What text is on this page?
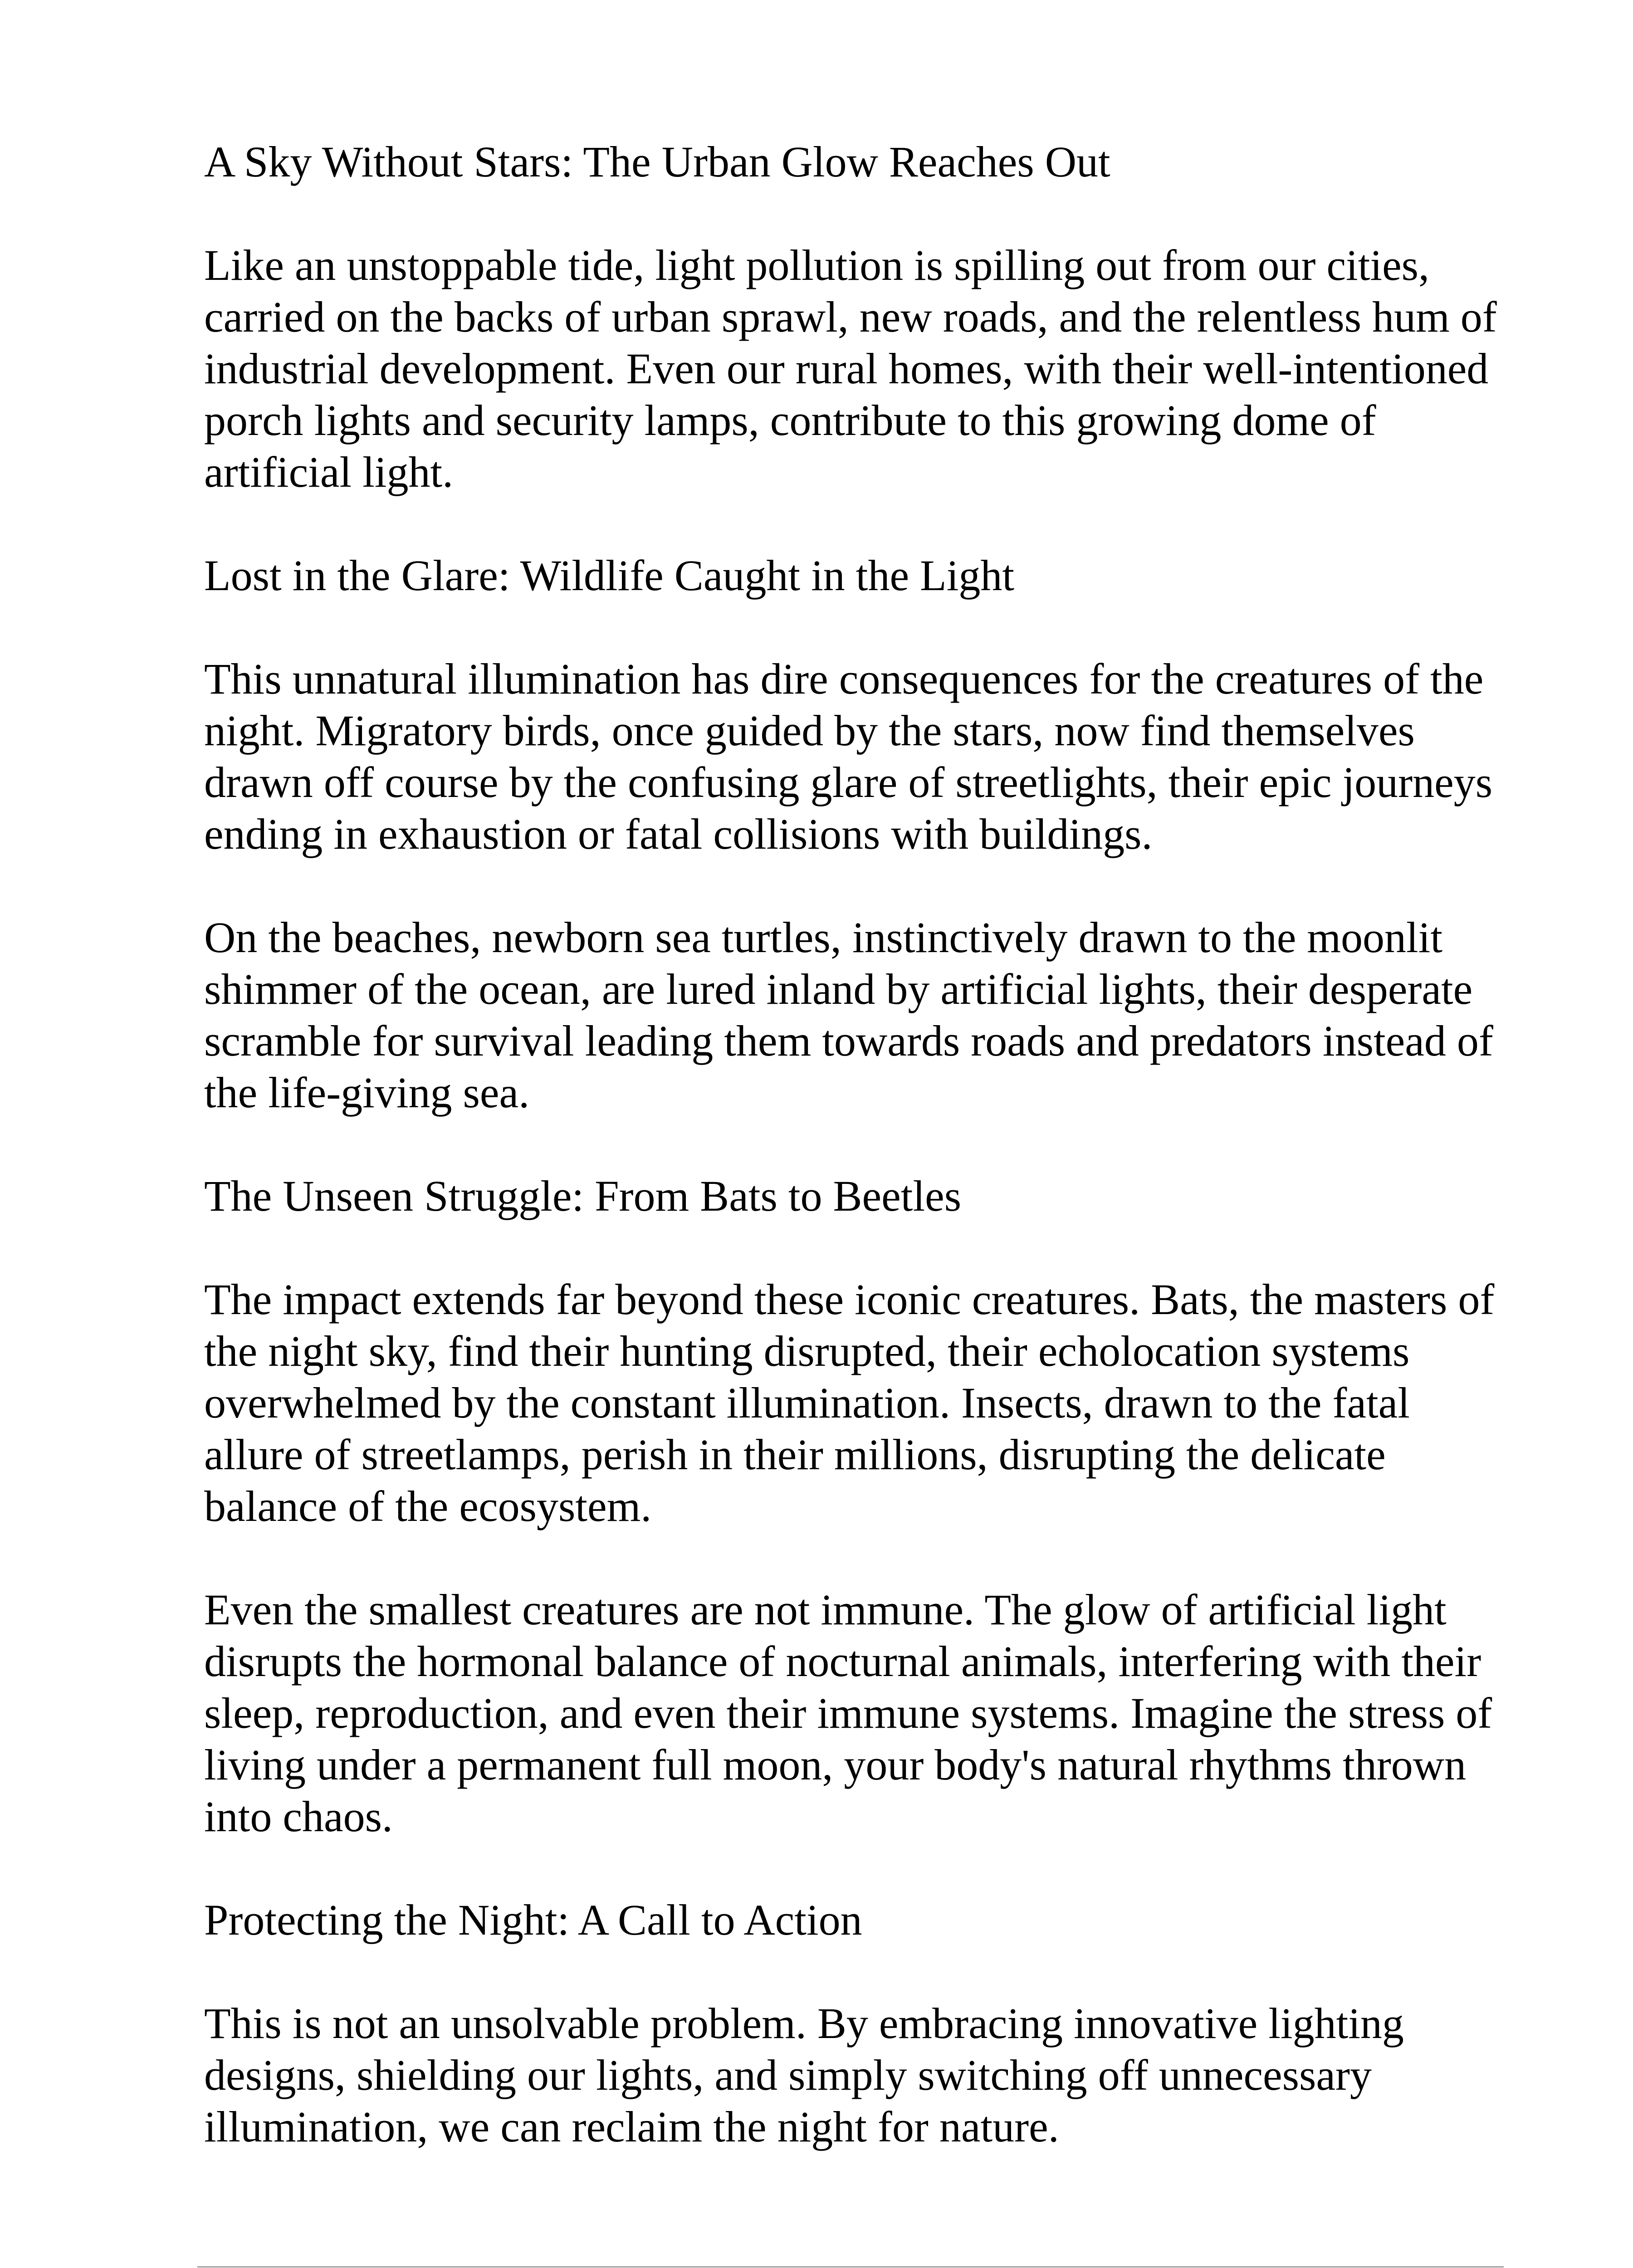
A Sky Without Stars: The Urban Glow Reaches Out

Like an unstoppable tide, light pollution is spilling out from our cities, carried on the backs of urban sprawl, new roads, and the relentless hum of industrial development. Even our rural homes, with their well-intentioned porch lights and security lamps, contribute to this growing dome of artificial light.

Lost in the Glare: Wildlife Caught in the Light

This unnatural illumination has dire consequences for the creatures of the night. Migratory birds, once guided by the stars, now find themselves drawn off course by the confusing glare of streetlights, their epic journeys ending in exhaustion or fatal collisions with buildings.

On the beaches, newborn sea turtles, instinctively drawn to the moonlit shimmer of the ocean, are lured inland by artificial lights, their desperate scramble for survival leading them towards roads and predators instead of the life-giving sea.

The Unseen Struggle: From Bats to Beetles

The impact extends far beyond these iconic creatures. Bats, the masters of the night sky, find their hunting disrupted, their echolocation systems overwhelmed by the constant illumination. Insects, drawn to the fatal allure of streetlamps, perish in their millions, disrupting the delicate balance of the ecosystem.

Even the smallest creatures are not immune. The glow of artificial light disrupts the hormonal balance of nocturnal animals, interfering with their sleep, reproduction, and even their immune systems. Imagine the stress of living under a permanent full moon, your body's natural rhythms thrown into chaos.

Protecting the Night: A Call to Action

This is not an unsolvable problem. By embracing innovative lighting designs, shielding our lights, and simply switching off unnecessary illumination, we can reclaim the night for nature.
